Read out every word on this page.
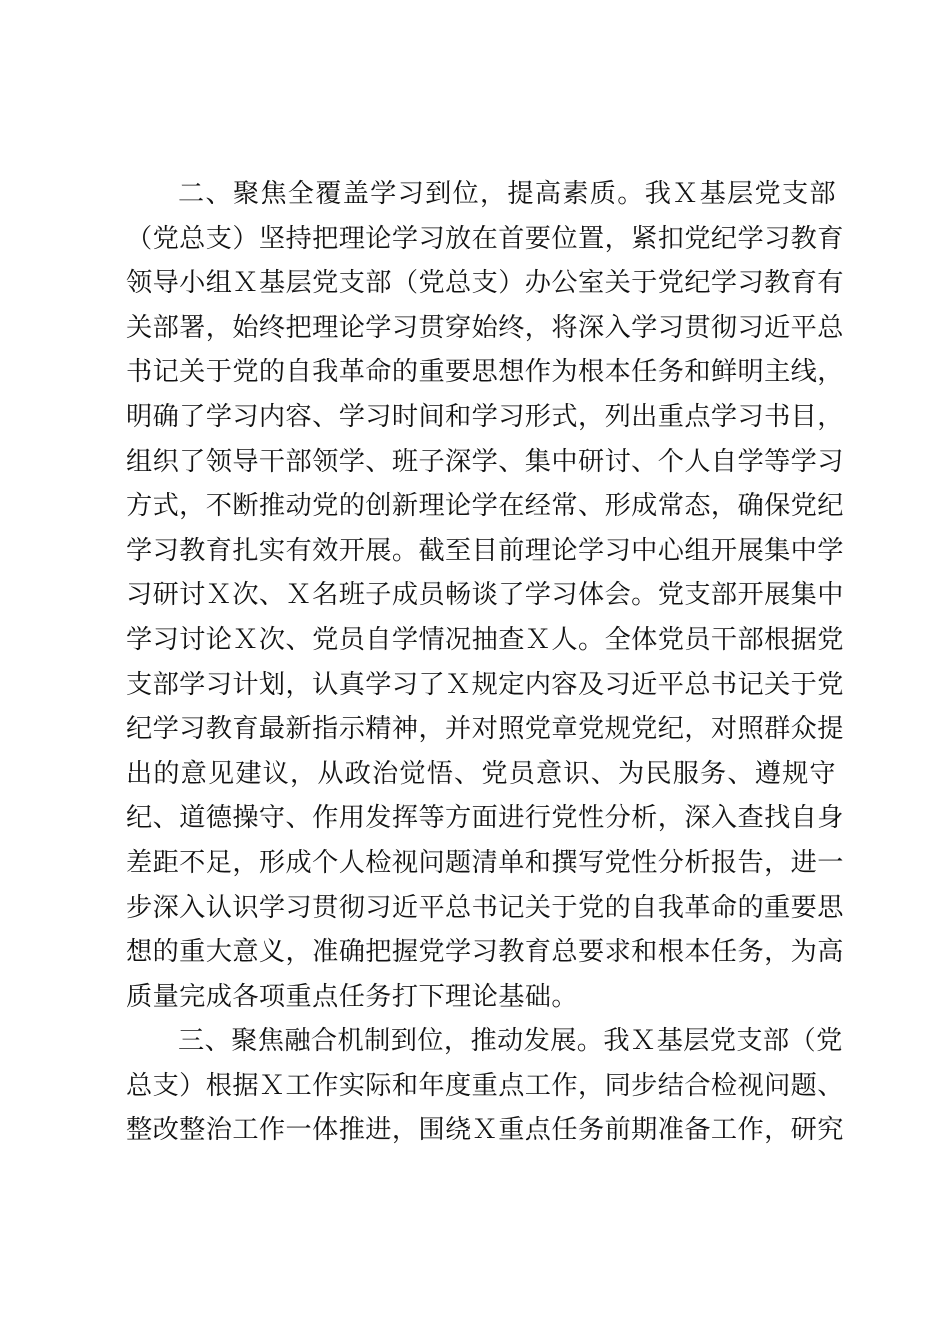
二、聚焦全覆盖学习到位，提高素质。我Ｘ基层党支部
（党总支）坚持把理论学习放在首要位置，紧扣党纪学习教育
领导小组Ｘ基层党支部（党总支）办公室关于党纪学习教育有
关部署，始终把理论学习贯穿始终，将深入学习贯彻习近平总
书记关于党的自我革命的重要思想作为根本任务和鲜明主线，
明确了学习内容、学习时间和学习形式，列出重点学习书目，
组织了领导干部领学、班子深学、集中研讨、个人自学等学习
方式，不断推动党的创新理论学在经常、形成常态，确保党纪
学习教育扎实有效开展。截至目前理论学习中心组开展集中学
习研讨Ｘ次、Ｘ名班子成员畅谈了学习体会。党支部开展集中
学习讨论Ｘ次、党员自学情况抽查Ｘ人。全体党员干部根据党
支部学习计划，认真学习了Ｘ规定内容及习近平总书记关于党
纪学习教育最新指示精神，并对照党章党规党纪，对照群众提
出的意见建议，从政治觉悟、党员意识、为民服务、遵规守
纪、道德操守、作用发挥等方面进行党性分析，深入查找自身
差距不足，形成个人检视问题清单和撰写党性分析报告，进一
步深入认识学习贯彻习近平总书记关于党的自我革命的重要思
想的重大意义，准确把握党学习教育总要求和根本任务，为高
质量完成各项重点任务打下理论基础。
三、聚焦融合机制到位，推动发展。我Ｘ基层党支部（党
总支）根据Ｘ工作实际和年度重点工作，同步结合检视问题、
整改整治工作一体推进，围绕Ｘ重点任务前期准备工作，研究
